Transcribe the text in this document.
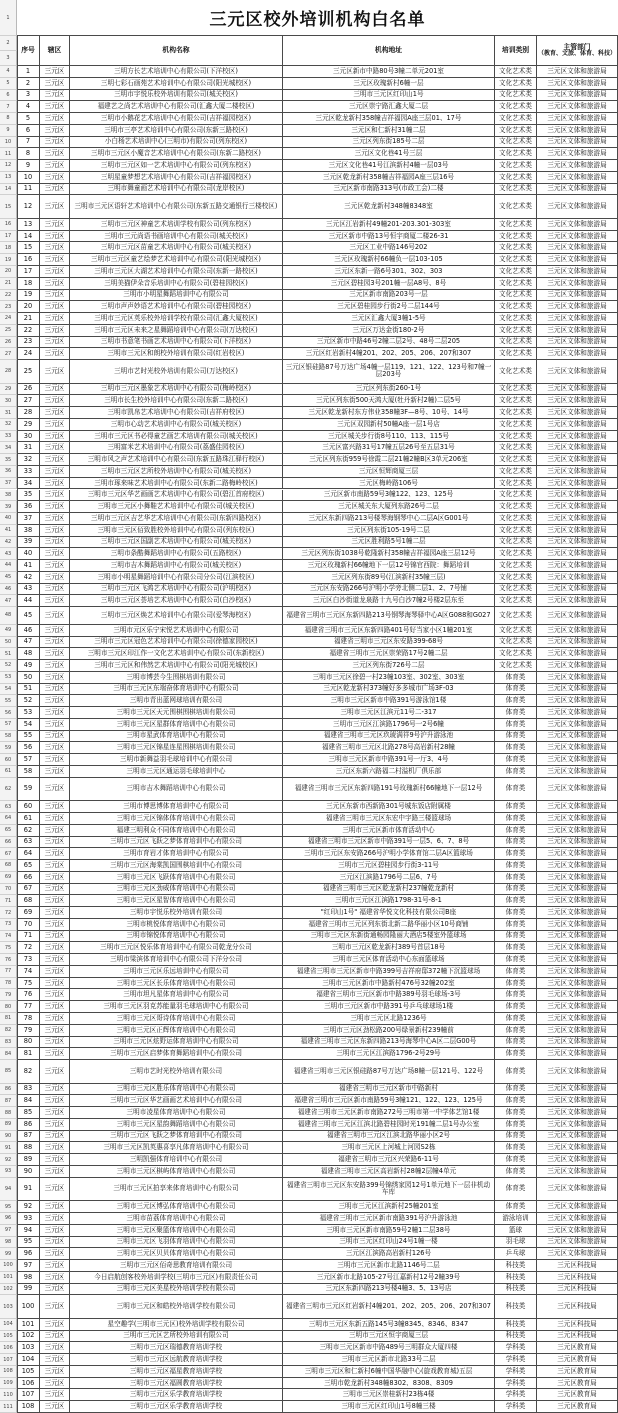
三元区校外培训机构白名单
1
2
3
序号 辖区	机构名称	机构地址	培训类别	主管部门
（教育、文旅、体育、科技）
4	1 三元区	三明方长艺术培训中心有限公司(下洋校区)	三元区新市中路80号3幢二单元201室	文化艺术类 三元区文体和旅游局
5	2 三元区	三明七彩石画苑艺术培训中心有限公司(阳光城校区)	三元区玫瑰新村6幢一层	文化艺术类 三元区文体和旅游局
6	3 三元区	三明市宇悦乐校外培训有限公司(城关校区)	三明市三元区红印山1号	文化艺术类 三元区文体和旅游局
7	4 三元区	福建艺之尚艺术培训中心有限公司(汇鑫大厦二楼校区)	三元区崇宁路汇鑫大厦二层	文化艺术类 三元区文体和旅游局
8	5 三元区	三明市小鹅花艺术培训中心有限公司(吉祥福园校区)	三元区乾龙新村358幢吉祥福园A座三层01、17号	文化艺术类 三元区文体和旅游局
9	6 三元区	三明市三亭艺术培训中心有限公司(东新三路校区)	三元区和仁新村31幢二层	文化艺术类 三元区文体和旅游局
10	7 三元区	小白杨艺术培训中心(三明市)有限公司(列东校区)	三元区列东街185号二层	文化艺术类 三元区文体和旅游局
11	8 三元区	三明市三元区小魔音艺术培训中心有限公司(东新二路校区)	三元区文化巷41号三层	文化艺术类 三元区文体和旅游局
12	9 三元区	三明市三元区如一艺术培训中心有限公司(列东校区)	三元区文化巷41号江滨新村4幢一层03号	文化艺术类 三元区文体和旅游局
13	10 三元区	三明星童梦想艺术培训中心有限公司(吉祥福园校区)	三元区乾龙新村358幢吉祥福园A座三层16号	文化艺术类 三元区文体和旅游局
14	11 三元区	三明市舞童画艺术培训中心有限公司(龙岸校区)	三元区新市南路313号(市政工会)二楼	文化艺术类 三元区文体和旅游局
15	12 三元区 三明市三元区语轩艺术培训中心有限公司(东新五路交通银行三楼校区)	三元区乾龙新村348幢8348室	文化艺术类 三元区文体和旅游局
16	13 三元区	三明市三元区神童艺术培训学校有限公司(列东校区)	三元区江岩新村49幢201-203.301-303室	文化艺术类 三元区文体和旅游局
17	14 三元区	三明市三元尚语书画培训中心有限公司(城关校区)	三元区新市中路13号恒宇商厦二楼26-31	文化艺术类 三元区文体和旅游局
18	15 三元区	三明市三元区苗童艺术培训中心有限公司(城关校区)	三元区工业中路146号202	文化艺术类 三元区文体和旅游局
19	16 三元区	三明市三元区童艺绘梦艺术培训中心有限公司(阳光城校区)	三元区玫瑰新村66幢负一层103-105	文化艺术类 三元区文体和旅游局
20	17 三元区	三明市三元区大湖艺术培训中心有限公司(东新一路校区)	三元区东新一路6号301、302、303	文化艺术类 三元区文体和旅游局
21	18 三元区	三明美猫伊朵音乐培训中心有限公司(碧桂园校区)	三元区碧桂园3号201幢一层A8号、8号	文化艺术类 三元区文体和旅游局
22	19 三元区	三明市小明星舞蹈培训中心有限公司	三元区新市南路203号一层	文化艺术类 三元区文体和旅游局
23	20 三元区	三明市声声妙语艺术培训中心有限公司(碧桂园校区)	三元区碧桂园步行街2号二层144号	文化艺术类 三元区文体和旅游局
24	21 三元区	三明市三元区英乐校外培训学校有限公司(汇鑫大厦校区)	三元区汇鑫大厦3幢1-5号	文化艺术类 三元区文体和旅游局
25	22 三元区	三明市三元区未来之星舞蹈培训中心有限公司(万达校区)	三元区万达金街180-2号	文化艺术类 三元区文体和旅游局
26	23 三元区	三明市书意笔书画艺术培训中心有限公司(下洋校区)	三元区新市中路46号2幢二层2号、48号二层205	文化艺术类 三元区文体和旅游局
27	24 三元区	三明市三元区和朗校外培训有限公司(红岩校区)	三元区红岩新村4幢201、202、205、206、207和307	文化艺术类 三元区文体和旅游局
28	25 三元区	三明市艺时光校外培训有限公司(万达校区)	三元区银硅路87号万达广场4幢一层119、121、122、123号和7幢一层203号	文化艺术类 三元区文体和旅游局
29	26 三元区	三明市三元区墨象艺术培训中心有限公司(梅岭校区)	三元区列东街260-1号	文化艺术类 三元区文体和旅游局
30	27 三元区	三明市长生校外培训中心有限公司(东新二路校区)	三元区列东街500天鸿大厦(牡丹新村2幢)二层5号	文化艺术类 三元区文体和旅游局
31	28 三元区	三明市凯帛艺术培训中心有限公司(吉祥府校区)	三元区乾龙新村东方伟业358幢3F—8号、10号、14号	文化艺术类 三元区文体和旅游局
32	29 三元区	三明市心动艺术培训中心有限公司(城关校区)	三元区双园新村50幢A座一层1号店	文化艺术类 三元区文体和旅游局
33	30 三元区	三明市三元区书必得童艺画艺术培训有限公司(城关校区)	三元区城关步行街8号110、113、115号	文化艺术类 三元区文体和旅游局
34	31 三元区	三明富米艺术培训中心有限公司(荔盛佳园校区)	三元区富兴路31号17幢五层26号至五层31号	文化艺术类 三元区文体和旅游局
35	32 三元区	三明市风之声艺术培训中心有限公司(东新五路珠江驿行校区)	三元区列东街959号徐霞二层21幢2幢B区3单元206室	文化艺术类 三元区文体和旅游局
36	33 三元区	三明市三元区艺所校外培训中心有限公司(城关校区)	三元区恒辉商厦三层	文化艺术类 三元区文体和旅游局
37	34 三元区	三明市琢来味艺术培训中心有限公司(东新二路梅岭校区)	三元区梅岭路106号	文化艺术类 三元区文体和旅游局
38	35 三元区	三明市三元区华艺画画艺术培训中心有限公司(碧江首府校区)	三元区新市南路59号3幢122、123、125号	文化艺术类 三元区文体和旅游局
39	36 三元区	三明市三元区小舞鞋艺术培训中心有限公司(城关校区)	三元区城关东大厦列东路26号二层	文化艺术类 三元区文体和旅游局
40	37 三元区	三明市三元区吉艺华艺术培训中心有限公司(东新四路校区)	三元区东新四路213号楼琴海钢琴中心二层A区G001号	文化艺术类 三元区文体和旅游局
41	38 三元区	三明市三元区佰致胜校外培训中心有限公司(列东校区)	三元区列东街105-19号二层	文化艺术类 三元区文体和旅游局
42	39 三元区	三明市三元区国副艺术培训中心有限公司(城关校区)	三元区胜利路5号1幢二层	文化艺术类 三元区文体和旅游局
43	40 三元区	三明市条酷舞蹈培训中心有限公司(五路校区)	三元区列东街1038号乾隆新村358幢吉祥福园A座三层12号	文化艺术类 三元区文体和旅游局
44	41 三元区	三明市吉木舞蹈培训中心有限公司(城关校区)	三元区玫瑰新村66幢地下一层12号锦官西院：舞蹈培训	文化艺术类 三元区文体和旅游局
45	42 三元区	三明市小明星舞蹈培训中心有限公司分公司(江滨校区)	三元区列东街89号(江滨新村35幢三层)	文化艺术类 三元区文体和旅游局
46	43 三元区	三明市三元区飞鸿艺术培训中心有限公司(沪明校区)	三元区东安路266号沪明小学旁北侧二层1、2、7号铺	文化艺术类 三元区文体和旅游局
47	44 三元区	三明市三元区荟培艺术培训中心有限公司(白沙校区)	三元区白沙街道龙泉路十九号白沙7幢2号楼2层东至	文化艺术类 三元区文体和旅游局
48	45 三元区	三明市三元区焕艺术培训中心有限公司(爱琴海校区)	福建省三明市三元区东新四路213号钢琴海琴驿中心A区G088和G027 文化艺术类 三元区文体和旅游局
49	46 三元区	三明市元区乐宁宋悦艺术培训中心有限公司	福建省三明市三元区东新四路401号好当家小区1幢201室	文化艺术类 三元区文体和旅游局
50	47 三元区	三明市三元区冠色艺术培训中心有限公司(徐德家园校区)	福建省三明市三元区东安路399-68号	文化艺术类 三元区文体和旅游局
51	48 三元区	三明市三元区印江作一文化艺术培训中心有限公司(东新校区)	福建省三明市三元区崇荣路17号2幢二层	文化艺术类 三元区文体和旅游局
52	49 三元区	三明市三元区和伟然艺术培训中心有限公司(阳光城校区)	三元区列东街726号二层	文化艺术类 三元区文体和旅游局
53	50 三元区	三明市博芸今生围棋培训有限公司	三明市三元区徐碧一村23幢103室、302室、303室	体育类	三元区文体和旅游局
54	51 三元区	三明市三元区东端奋体育培训中心有限公司	三元区乾龙新村373幢好多多城市广场3F-03	体育类	三元区文体和旅游局
55	52 三元区	三明市青出蓝网球培训有限公司	三明市三元区新市中路391号游泳馆1楼	体育类	三元区文体和旅游局
56	53 三元区	三明市三元区天元围棋围棋培训有限公司	三明市三元区江滨元11号二-317	体育类	三元区文体和旅游局
57	54 三元区	三明市三元区星群体育培训中心有限公司	三明市三元区江滨路1796号一2号6幢	体育类	三元区文体和旅游局
58	55 三元区	三明市星武体育培训中心有限公司	福建省三明市三元区玖琥满祥9号沪升游泳池	体育类	三元区文体和旅游局
59	56 三元区	三明市三元区锦星连星围棋培训有限公司	福建省三明市三元区北路278号高岩新村28幢	体育类	三元区文体和旅游局
60	57 三元区	三明市新舞益羽毛球培训中心有限公司	三明市三元区新市中路391号一厅3、4号	体育类	三元区文体和旅游局
61	58 三元区	三明市三元区通运羽毛球培训中心	三元区东新六路福二村溢机厂俱乐部	体育类	三元区文体和旅游局
62	59 三元区	三明市吉木舞蹈培训中心有限公司	福建省三明市三元区东新四路191号玫瑰新村66幢地下一层12号	体育类	三元区文体和旅游局
63	60 三元区	三明市博思博体育培训中心有限公司	三元区东新市西新路301号城东饭店附属楼	体育类	三元区文体和旅游局
64	61 三元区	三明市三元区锦体体育培训中心有限公司	福建省三明市三元区东宏中宇路三楼篮球场	体育类	三元区文体和旅游局
65	62 三元区	福建三明利众不同体育培训中心有限公司	三明市三元区新市体育活动中心	体育类	三元区文体和旅游局
66	63 三元区	三明市三元区飞跃之梦体育培训中心有限公司	福建省三明市三元区新市中路391号一层5、6、7、8号	体育类	三元区文体和旅游局
67	64 三元区	三明市育岩才体育培训中心有限公司	三明市三元区东安路266号沪明小学体育馆二层A区篮球场	体育类	三元区文体和旅游局
68	65 三元区	三明市三元区海棠凯国围棋培训中心有限公司	三明市三元区碧桂园步行街3-11号	体育类	三元区文体和旅游局
69	66 三元区	三明市三元区飞跃体育培训中心有限公司	三元区江滨路1796号二层6、7号	体育类	三元区文体和旅游局
70	67 三元区	三明市三元区劲威体育培训中心有限公司	福建省三明市三元区乾龙新村237幢乾龙新村	体育类	三元区文体和旅游局
71	68 三元区	三明市三元区星智体育培训中心有限公司	三明市三元区江滨路1798-31号-8-1	体育类	三元区文体和旅游局
72	69 三元区	三明市宇悦乐校外培训有限公司	"红印山1号" 福建省华悦文化科技有限公司B座	体育类	三元区文体和旅游局
73	70 三元区	三明市桃悦体育培训中心有限公司	福建省三明市三元区列东街北新二路华丽小区10号商铺	体育类	三元区文体和旅游局
74	71 三元区	三明市锦悦体育培训中心有限公司	三明市三元区东新街通畅园隆丽大酒店5楼室外篮球场	体育类	三元区文体和旅游局
75	72 三元区	三明市三元区悦乐体育培训中心有限公司乾龙分公司	三明市三元区乾龙新村389号首层18号	体育类	三元区文体和旅游局
76	73 三元区	三明市梁滨体育培训中心有限公司下洋分公司	三明市三元区体育活动中心东面篮球场	体育类	三元区文体和旅游局
77	74 三元区	三明市三元区乐远培训中心有限公司	福建省三明市三元区新市中路399号吉祥府邸372幢下沉篮球场	体育类	三元区文体和旅游局
78	75 三元区	三明市三元区长乐体育培训中心有限公司	三明市三元区新市中路新村476号32幢202室	体育类	三元区文体和旅游局
79	76 三元区	三明市坦凡星体育培训中心有限公司	福建省三明市三元区新市中路389号羽毛球场-3号	体育类	三元区文体和旅游局
80	77 三元区	三明市三元区羽克苏能量羽毛球培训中心有限公司	三明市三元区新市中路391号乒乓球球场1楼	体育类	三元区文体和旅游局
81	78 三元区	三明市三元区哥诗体育培训中心有限公司	三明市三元区北路1236号	体育类	三元区文体和旅游局
82	79 三元区	三明市三元区正辉体育培训中心有限公司	三明市三元区劲松路200号绿景新村239幢前	体育类	三元区文体和旅游局
83	80 三元区	三明市三元区炫野运体育培训中心有限公司	福建省三明市三元区东新四路213号海琴中心A区二层G00号	体育类	三元区文体和旅游局
84	81 三元区	三明市三元区启梦体育舞蹈培训中心有限公司	三明市三元区江滨路1796-2号29号	体育类	三元区文体和旅游局
85	82 三元区	三明市艺时光校外培训有限公司	福建省三明市三元区银硅路87号万达广场8幢一层121号、122号	体育类	三元区文体和旅游局
86	83 三元区	三明市三元区胜乐体育培训中心有限公司	福建省三明市三元区新市中路新村	体育类	三元区文体和旅游局
87	84 三元区	三明市三元区华艺画画艺术培训中心有限公司	福建省三明市三元区新市南路59号3幢121、122、123、125号	体育类	三元区文体和旅游局
88	85 三元区	三明市凌星体育培训中心有限公司	福建省三明市三元区新市南路272号三明市第一中学体艺馆1楼	体育类	三元区文体和旅游局
89	86 三元区	三明市三元区星韵舞蹈培训中心有限公司	福建省三明市三元区江滨北路碧桂园时光191幢二层1号办公室	体育类	三元区文体和旅游局
90	87 三元区	三明市三元区飞跃之梦体育培训中心有限公司	福建省三明市三元区江滨北路华丽小区2号	体育类	三元区文体和旅游局
91	88 三元区	三明市三元区凯英惠喜享凡体育培训中心有限公司	三明市三元区上河城上河园S2栋	体育类	三元区文体和旅游局
92	89 三元区	三明凯强体育培训中心有限公司	福建省三明市三元区兴荣路6-11号	体育类	三元区文体和旅游局
93	90 三元区	三明市三元区棋屿体育培训中心有限公司	福建省三明市三元区高岩新村28幢2层幢4单元	体育类	三元区文体和旅游局
94	91 三元区	三明市三元区拍享来体育培训中心有限公司	福建省三明市三元区东安路399号锦绣家园12号1单元地下一层非机动车库	体育类	三元区文体和旅游局
95	92 三元区	三明市三元区博弘体育培训中心有限公司	三明市三元区江滨新村25幢201室	体育类	三元区文体和旅游局
96	93 三元区	三明市苗荔体育培训中心有限公司	福建省三明市三元区新市南路391号沪升游泳池	游泳培训	三元区文体和旅游局
97	94 三元区	三明市三元区聚篮体育培训中心有限公司	三明市三元区新市南路59号2幢1二层38号	篮球	三元区文体和旅游局
98	95 三元区	三明市三元区飞羽体育培训中心有限公司	三明市三元区红印山24号1幢一楼	羽毛球	三元区文体和旅游局
99	96 三元区	三明市三元区贝贝体育培训中心有限公司	三元区江滨路高岩新村126号	乒乓球	三元区文体和旅游局
100	97 三元区	三明市三元区佰奇思教育培训有限公司	三明市三元区新市北路1146号二层	科技类	三元区科技局
101	98 三元区	今日启航创客校外培训学校(三明市三元区)有限责任公司	三元区新市北路105-27号江嘉新村12号2幢39号	科技类	三元区科技局
102	99 三元区	三明市三元区美星校外培训学校有限公司	三元区东新四路213号楼4幢3、5、13号店	科技类	三元区科技局
103	100 三元区	三明市三元区和皓校外培训学校有限公司	福建省三明市三元区红岩新村4幢201、202、205、206、207和307 科技类	三元区科技局
104	101 三元区	星空趣学(三明市三元区)校外培训学校有限公司	三明市三元区东新五路145号3幢8345、8346、8347	科技类	三元区科技局
105	102 三元区	三明市三元区艺所校外培训有限公司	三明市三元区恒宇商厦三层	科技类	三元区科技局
106	103 三元区	三明市三元区瑞德教育培训学校	三明市三元区新市中路489号三明群众大厦四楼	学科类	三元区教育局
107	104 三元区	三明市三元区远航教育培训学校	三明市三元区新市北路33号二层	学科类	三元区教育局
108	105 三元区	三明市三元区福星教育培训学校	三明市三元区和仁新村6幢中国华融中心(旋戏教育城)五层	学科类	三元区教育局
109	106 三元区	三明市三元区福圆教育培训学校	三明市乾龙新村348幢8302、8308、8309	学科类	三元区教育局
110	107 三元区	三明市三元区乐学教育培训学校	三明市三元区崇桂新村23栋4楼	学科类	三元区教育局
111	108 三元区	三明市三元区乐学教育培训学校	三明市三元区红印山1号8幢三楼	学科类	三元区教育局
